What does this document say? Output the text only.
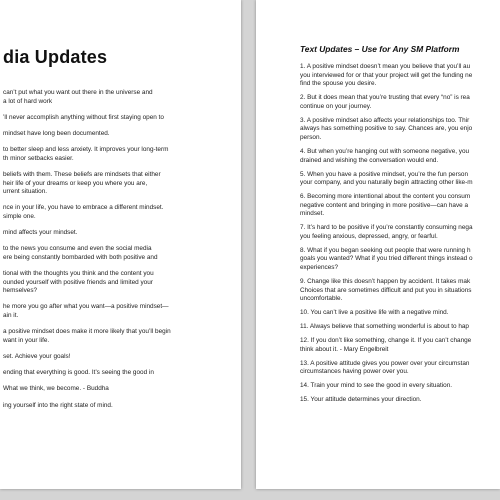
dia Updates

can’t put what you want out there in the universe and
a lot of hard work

’ll never accomplish anything without first staying open to

mindset have long been documented.

to better sleep and less anxiety. It improves your long-term
th minor setbacks easier.

beliefs with them. These beliefs are mindsets that either
heir life of your dreams or keep you where you are,
urrent situation.

nce in your life, you have to embrace a different mindset.
simple one.

mind affects your mindset.

to the news you consume and even the social media
ere being constantly bombarded with both positive and

tional with the thoughts you think and the content you
ounded yourself with positive friends and limited your
hemselves?

he more you go after what you want—a positive mindset—
ain it.

a positive mindset does make it more likely that you’ll begin
want in your life.

set. Achieve your goals!

ending that everything is good. It’s seeing the good in

What we think, we become. - Buddha

ing yourself into the right state of mind.

Text Updates – Use for Any SM Platform

1. A positive mindset doesn’t mean you believe that you’ll au
you interviewed for or that your project will get the funding ne
find the spouse you desire.

2. But it does mean that you’re trusting that every “no” is rea
continue on your journey.

3. A positive mindset also affects your relationships too. Thir
always has something positive to say. Chances are, you enjo
person.

4. But when you’re hanging out with someone negative, you
drained and wishing the conversation would end.

5. When you have a positive mindset, you’re the fun person
your company, and you naturally begin attracting other like-m

6. Becoming more intentional about the content you consum
negative content and bringing in more positive—can have a
mindset.

7. It’s hard to be positive if you’re constantly consuming nega
you feeling anxious, depressed, angry, or fearful.

8. What if you began seeking out people that were running h
goals you wanted? What if you tried different things instead o
experiences?

9. Change like this doesn’t happen by accident. It takes mak
Choices that are sometimes difficult and put you in situations
uncomfortable.

10. You can’t live a positive life with a negative mind.

11. Always believe that something wonderful is about to hap

12. If you don’t like something, change it. If you can’t change
think about it. - Mary Engelbreit

13. A positive attitude gives you power over your circumstan
circumstances having power over you.

14. Train your mind to see the good in every situation.

15. Your attitude determines your direction.
